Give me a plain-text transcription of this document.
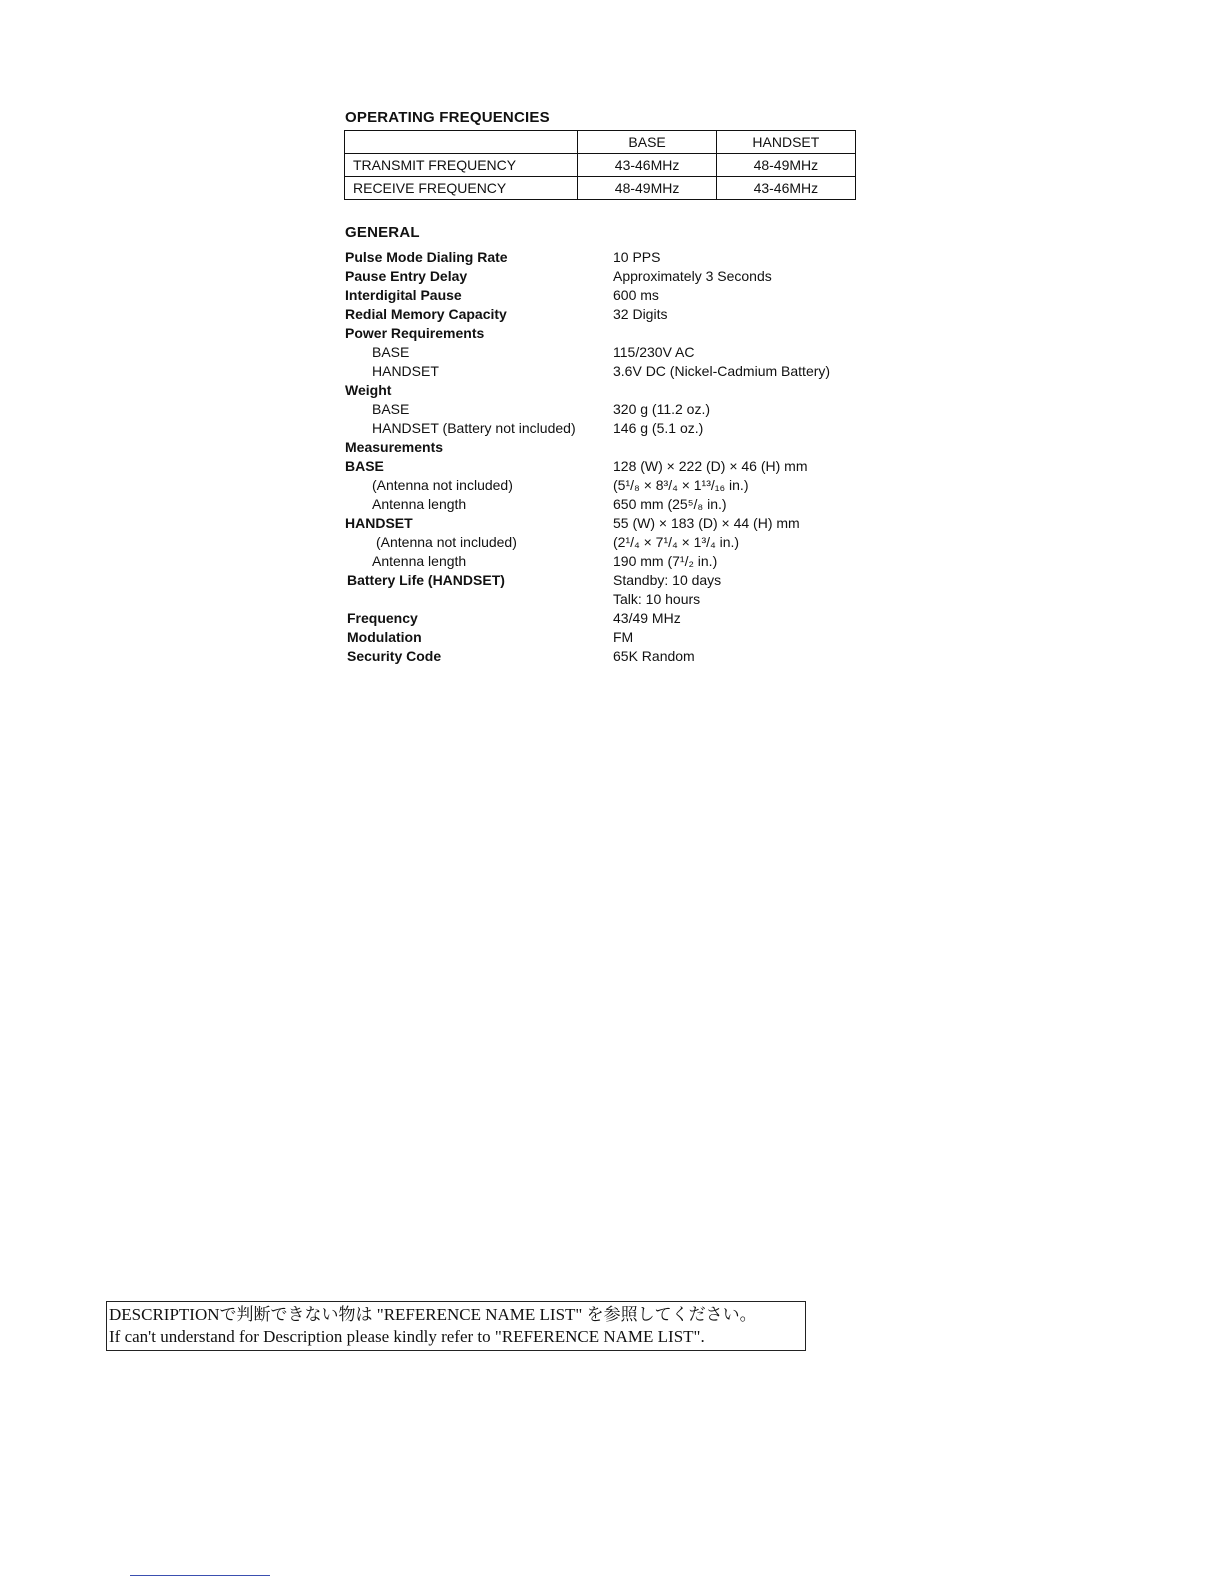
OPERATING FREQUENCIES
	BASE	HANDSET
TRANSMIT FREQUENCY	43-46MHz	48-49MHz
RECEIVE FREQUENCY	48-49MHz	43-46MHz
GENERAL
Pulse Mode Dialing Rate	10 PPS
Pause Entry Delay	Approximately 3 Seconds
Interdigital Pause	600 ms
Redial Memory Capacity	32 Digits
Power Requirements
BASE	115/230V AC
HANDSET	3.6V DC (Nickel-Cadmium Battery)
Weight
BASE	320 g (11.2 oz.)
HANDSET (Battery not included)	146 g (5.1 oz.)
Measurements
BASE	128 (W) × 222 (D) × 46 (H) mm
(Antenna not included)	(5¹/₈ × 8³/₄ × 1¹³/₁₆ in.)
Antenna length	650 mm (25⁵/₈ in.)
HANDSET	55 (W) × 183 (D) × 44 (H) mm
(Antenna not included)	(2¹/₄ × 7¹/₄ × 1³/₄ in.)
Antenna length	190 mm (7¹/₂ in.)
Battery Life (HANDSET)	Standby: 10 days
Talk: 10 hours
Frequency	43/49 MHz
Modulation	FM
Security Code	65K Random
DESCRIPTIONで判断できない物は "REFERENCE NAME LIST" を参照してください。
If can't understand for Description please kindly refer to "REFERENCE NAME LIST".
